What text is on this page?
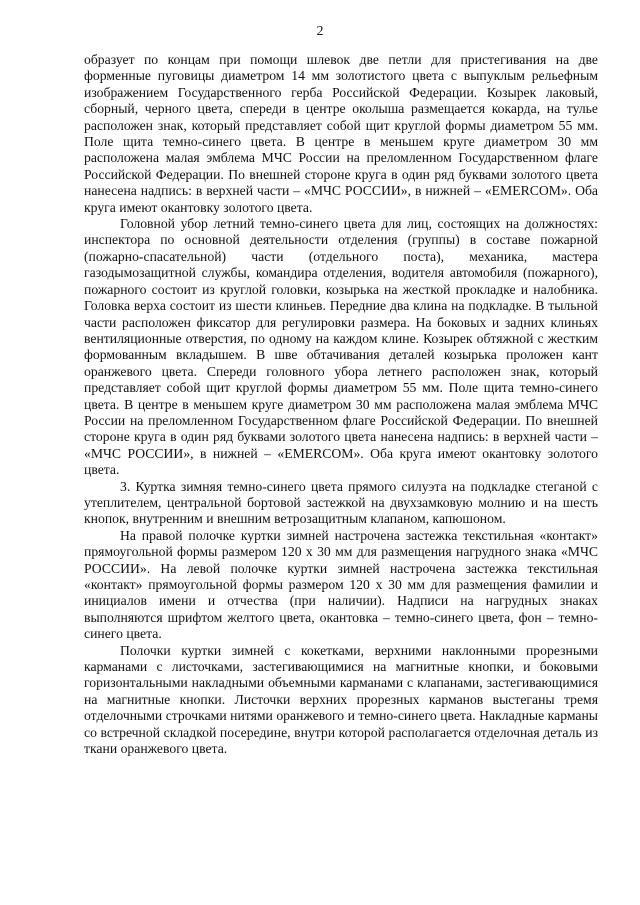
2

образует по концам при помощи шлевок две петли для пристегивания на две форменные пуговицы диаметром 14 мм золотистого цвета с выпуклым рельефным изображением Государственного герба Российской Федерации. Козырек лаковый, сборный, черного цвета, спереди в центре околыша размещается кокарда, на тулье расположен знак, который представляет собой щит круглой формы диаметром 55 мм. Поле щита темно-синего цвета. В центре в меньшем круге диаметром 30 мм расположена малая эмблема МЧС России на преломленном Государственном флаге Российской Федерации. По внешней стороне круга в один ряд буквами золотого цвета нанесена надпись: в верхней части – «МЧС РОССИИ», в нижней – «EMERCOM». Оба круга имеют окантовку золотого цвета.

Головной убор летний темно-синего цвета для лиц, состоящих на должностях: инспектора по основной деятельности отделения (группы) в составе пожарной (пожарно-спасательной) части (отдельного поста), механика, мастера газодымозащитной службы, командира отделения, водителя автомобиля (пожарного), пожарного состоит из круглой головки, козырька на жесткой прокладке и налобника. Головка верха состоит из шести клиньев. Передние два клина на подкладке. В тыльной части расположен фиксатор для регулировки размера. На боковых и задних клиньях вентиляционные отверстия, по одному на каждом клине. Козырек обтяжной с жестким формованным вкладышем. В шве обтачивания деталей козырька проложен кант оранжевого цвета. Спереди головного убора летнего расположен знак, который представляет собой щит круглой формы диаметром 55 мм. Поле щита темно-синего цвета. В центре в меньшем круге диаметром 30 мм расположена малая эмблема МЧС России на преломленном Государственном флаге Российской Федерации. По внешней стороне круга в один ряд буквами золотого цвета нанесена надпись: в верхней части – «МЧС РОССИИ», в нижней – «EMERCOM». Оба круга имеют окантовку золотого цвета.

3. Куртка зимняя темно-синего цвета прямого силуэта на подкладке стеганой с утеплителем, центральной бортовой застежкой на двухзамковую молнию и на шесть кнопок, внутренним и внешним ветрозащитным клапаном, капюшоном.

На правой полочке куртки зимней настрочена застежка текстильная «контакт» прямоугольной формы размером 120 х 30 мм для размещения нагрудного знака «МЧС РОССИИ». На левой полочке куртки зимней настрочена застежка текстильная «контакт» прямоугольной формы размером 120 х 30 мм для размещения фамилии и инициалов имени и отчества (при наличии). Надписи на нагрудных знаках выполняются шрифтом желтого цвета, окантовка – темно-синего цвета, фон – темно-синего цвета.

Полочки куртки зимней с кокетками, верхними наклонными прорезными карманами с листочками, застегивающимися на магнитные кнопки, и боковыми горизонтальными накладными объемными карманами с клапанами, застегивающимися на магнитные кнопки. Листочки верхних прорезных карманов выстеганы тремя отделочными строчками нитями оранжевого и темно-синего цвета. Накладные карманы со встречной складкой посередине, внутри которой располагается отделочная деталь из ткани оранжевого цвета.
